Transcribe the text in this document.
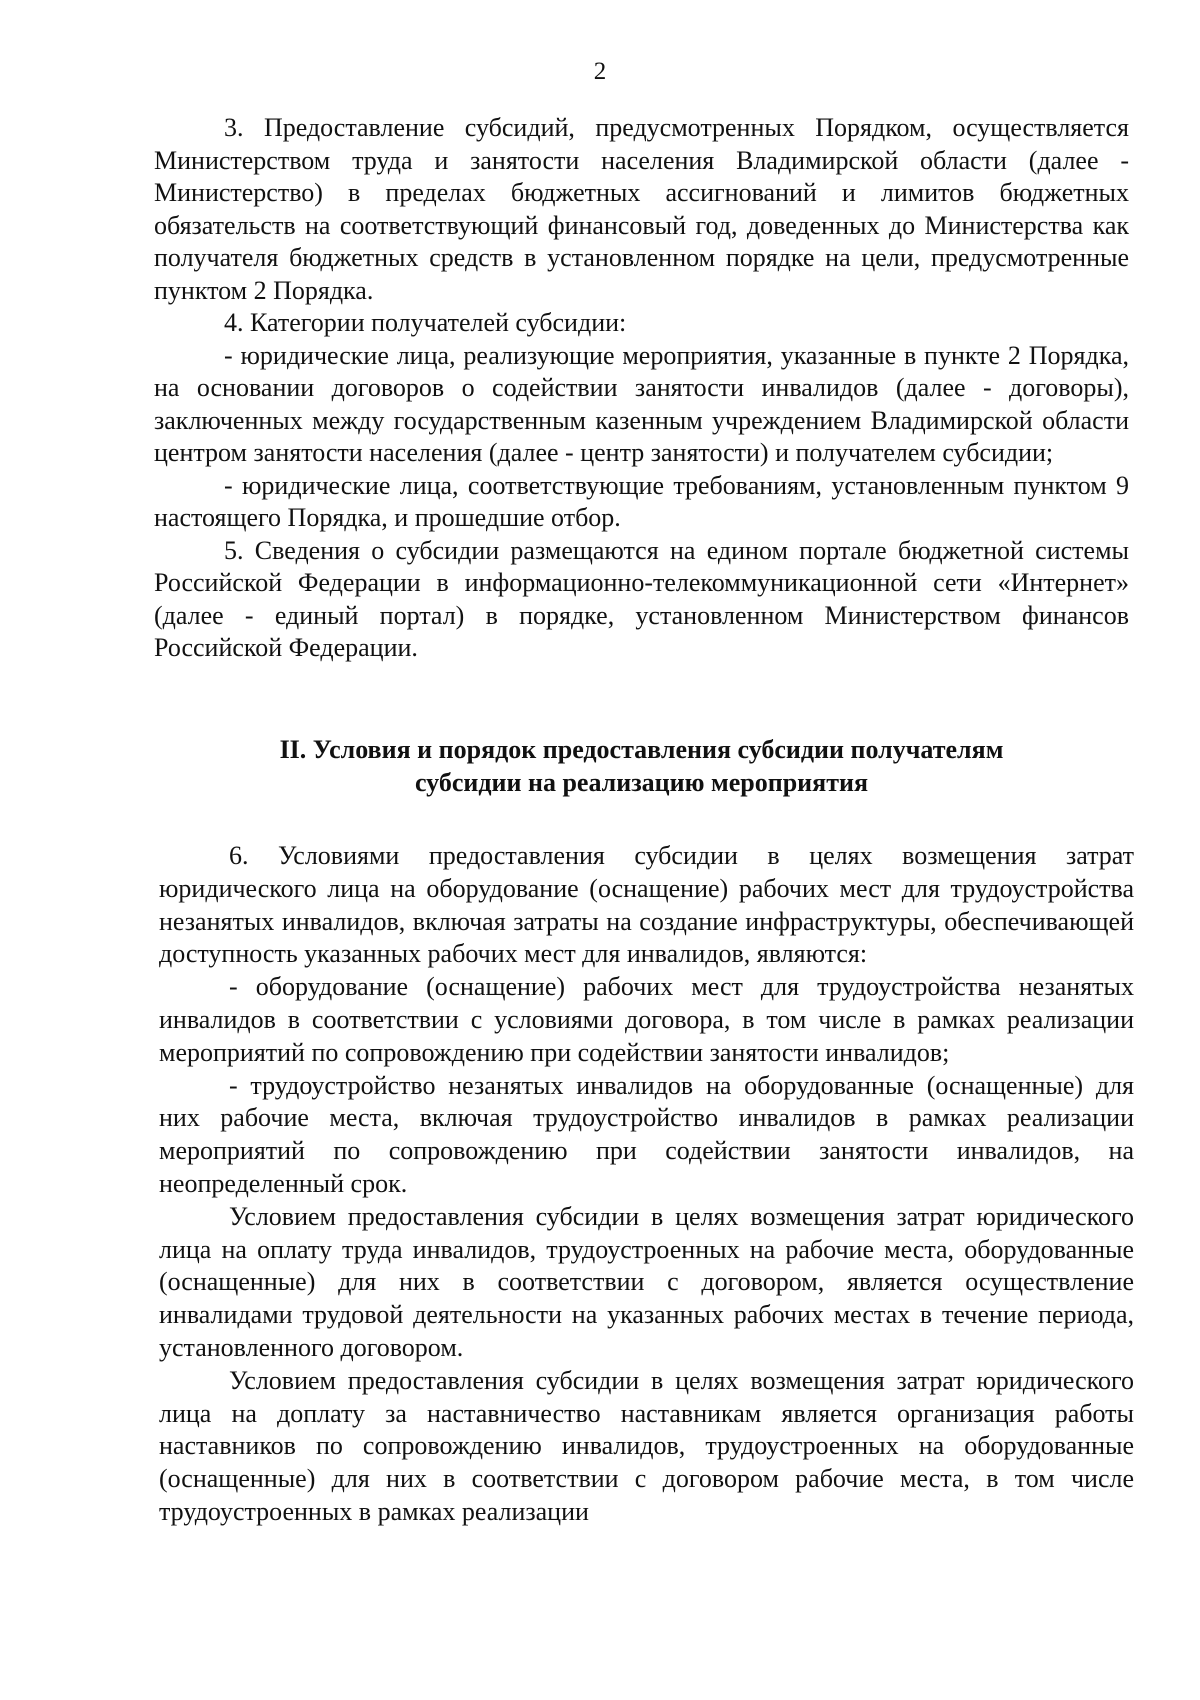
2

3. Предоставление субсидий, предусмотренных Порядком, осуществляется Министерством труда и занятости населения Владимирской области (далее - Министерство) в пределах бюджетных ассигнований и лимитов бюджетных обязательств на соответствующий финансовый год, доведенных до Министерства как получателя бюджетных средств в установленном порядке на цели, предусмотренные пунктом 2 Порядка.

4. Категории получателей субсидии:

- юридические лица, реализующие мероприятия, указанные в пункте 2 Порядка, на основании договоров о содействии занятости инвалидов (далее - договоры), заключенных между государственным казенным учреждением Владимирской области центром занятости населения (далее - центр занятости) и получателем субсидии;

- юридические лица, соответствующие требованиям, установленным пунктом 9 настоящего Порядка, и прошедшие отбор.

5. Сведения о субсидии размещаются на едином портале бюджетной системы Российской Федерации в информационно-телекоммуникационной сети «Интернет» (далее - единый портал) в порядке, установленном Министерством финансов Российской Федерации.

II. Условия и порядок предоставления субсидии получателям
субсидии на реализацию мероприятия

6. Условиями предоставления субсидии в целях возмещения затрат юридического лица на оборудование (оснащение) рабочих мест для трудоустройства незанятых инвалидов, включая затраты на создание инфраструктуры, обеспечивающей доступность указанных рабочих мест для инвалидов, являются:

- оборудование (оснащение) рабочих мест для трудоустройства незанятых инвалидов в соответствии с условиями договора, в том числе в рамках реализации мероприятий по сопровождению при содействии занятости инвалидов;

- трудоустройство незанятых инвалидов на оборудованные (оснащенные) для них рабочие места, включая трудоустройство инвалидов в рамках реализации мероприятий по сопровождению при содействии занятости инвалидов, на неопределенный срок.

Условием предоставления субсидии в целях возмещения затрат юридического лица на оплату труда инвалидов, трудоустроенных на рабочие места, оборудованные (оснащенные) для них в соответствии с договором, является осуществление инвалидами трудовой деятельности на указанных рабочих местах в течение периода, установленного договором.

Условием предоставления субсидии в целях возмещения затрат юридического лица на доплату за наставничество наставникам является организация работы наставников по сопровождению инвалидов, трудоустроенных на оборудованные (оснащенные) для них в соответствии с договором рабочие места, в том числе трудоустроенных в рамках реализации
